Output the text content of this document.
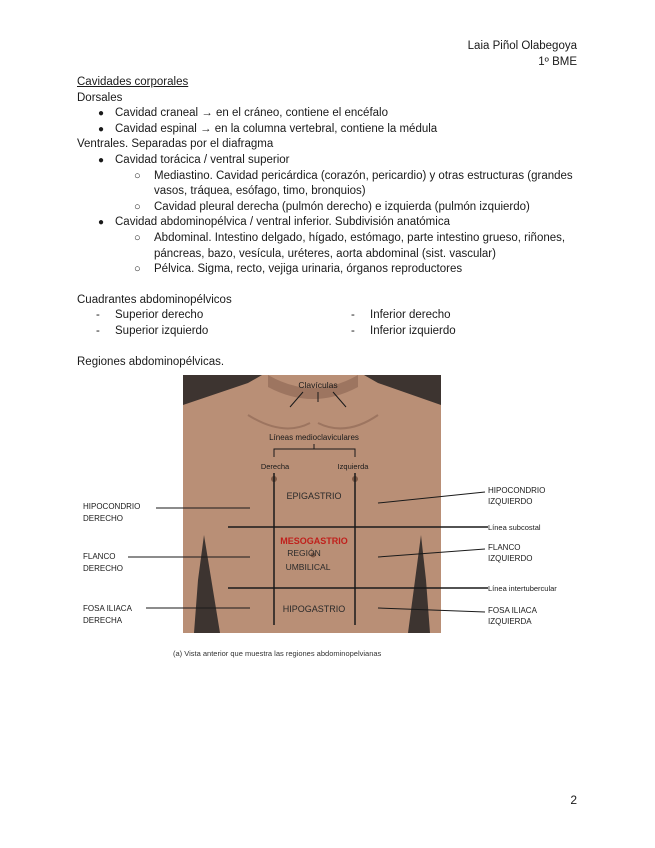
Laia Piñol Olabegoya
1º BME
Cavidades corporales
Dorsales
● Cavidad craneal → en el cráneo, contiene el encéfalo
● Cavidad espinal → en la columna vertebral, contiene la médula
Ventrales. Separadas por el diafragma
● Cavidad torácica / ventral superior
○ Mediastino. Cavidad pericárdica (corazón, pericardio) y otras estructuras (grandes vasos, tráquea, esófago, timo, bronquios)
○ Cavidad pleural derecha (pulmón derecho) e izquierda (pulmón izquierdo)
● Cavidad abdominopélvica / ventral inferior. Subdivisión anatómica
○ Abdominal. Intestino delgado, hígado, estómago, parte intestino grueso, riñones, páncreas, bazo, vesícula, uréteres, aorta abdominal (sist. vascular)
○ Pélvica. Sigma, recto, vejiga urinaria, órganos reproductores
Cuadrantes abdominopélvicos
- Superior derecho
- Superior izquierdo
- Inferior derecho
- Inferior izquierdo
Regiones abdominopélvicas.
Clavículas
Líneas medioclaviculares
Derecha	Izquierda
EPIGASTRIO
MESOGASTRIO
REGIÓN
UMBILICAL
HIPOGASTRIO
HIPOCONDRIO
DERECHO
FLANCO
DERECHO
FOSA ILIACA
DERECHA
HIPOCONDRIO
IZQUIERDO
Línea subcostal
FLANCO
IZQUIERDO
Línea intertubercular
FOSA ILIACA
IZQUIERDA
(a) Vista anterior que muestra las regiones abdominopelvianas
2
